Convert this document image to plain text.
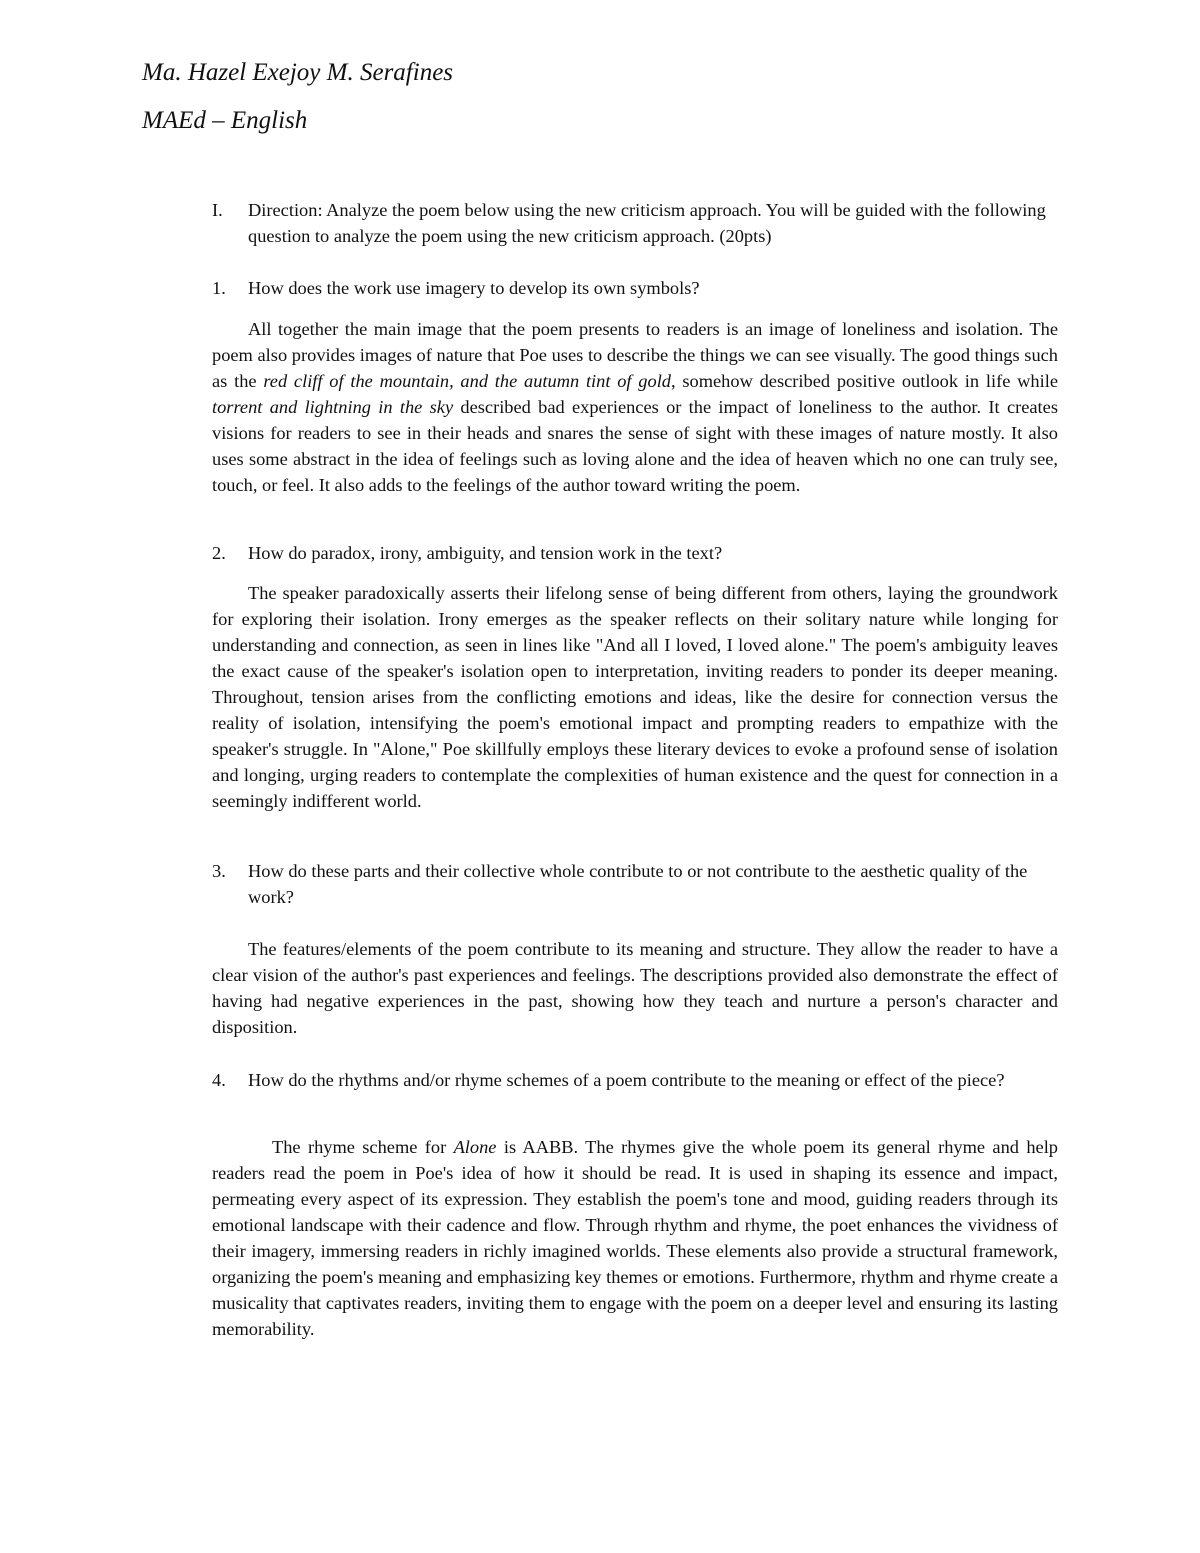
Ma. Hazel Exejoy M. Serafines
MAEd – English
I. Direction: Analyze the poem below using the new criticism approach. You will be guided with the following question to analyze the poem using the new criticism approach. (20pts)
1. How does the work use imagery to develop its own symbols?
All together the main image that the poem presents to readers is an image of loneliness and isolation. The poem also provides images of nature that Poe uses to describe the things we can see visually. The good things such as the red cliff of the mountain, and the autumn tint of gold, somehow described positive outlook in life while torrent and lightning in the sky described bad experiences or the impact of loneliness to the author. It creates visions for readers to see in their heads and snares the sense of sight with these images of nature mostly. It also uses some abstract in the idea of feelings such as loving alone and the idea of heaven which no one can truly see, touch, or feel. It also adds to the feelings of the author toward writing the poem.
2. How do paradox, irony, ambiguity, and tension work in the text?
The speaker paradoxically asserts their lifelong sense of being different from others, laying the groundwork for exploring their isolation. Irony emerges as the speaker reflects on their solitary nature while longing for understanding and connection, as seen in lines like "And all I loved, I loved alone." The poem's ambiguity leaves the exact cause of the speaker's isolation open to interpretation, inviting readers to ponder its deeper meaning. Throughout, tension arises from the conflicting emotions and ideas, like the desire for connection versus the reality of isolation, intensifying the poem's emotional impact and prompting readers to empathize with the speaker's struggle. In "Alone," Poe skillfully employs these literary devices to evoke a profound sense of isolation and longing, urging readers to contemplate the complexities of human existence and the quest for connection in a seemingly indifferent world.
3. How do these parts and their collective whole contribute to or not contribute to the aesthetic quality of the work?
The features/elements of the poem contribute to its meaning and structure. They allow the reader to have a clear vision of the author's past experiences and feelings. The descriptions provided also demonstrate the effect of having had negative experiences in the past, showing how they teach and nurture a person's character and disposition.
4. How do the rhythms and/or rhyme schemes of a poem contribute to the meaning or effect of the piece?
The rhyme scheme for Alone is AABB. The rhymes give the whole poem its general rhyme and help readers read the poem in Poe's idea of how it should be read. It is used in shaping its essence and impact, permeating every aspect of its expression. They establish the poem's tone and mood, guiding readers through its emotional landscape with their cadence and flow. Through rhythm and rhyme, the poet enhances the vividness of their imagery, immersing readers in richly imagined worlds. These elements also provide a structural framework, organizing the poem's meaning and emphasizing key themes or emotions. Furthermore, rhythm and rhyme create a musicality that captivates readers, inviting them to engage with the poem on a deeper level and ensuring its lasting memorability.
